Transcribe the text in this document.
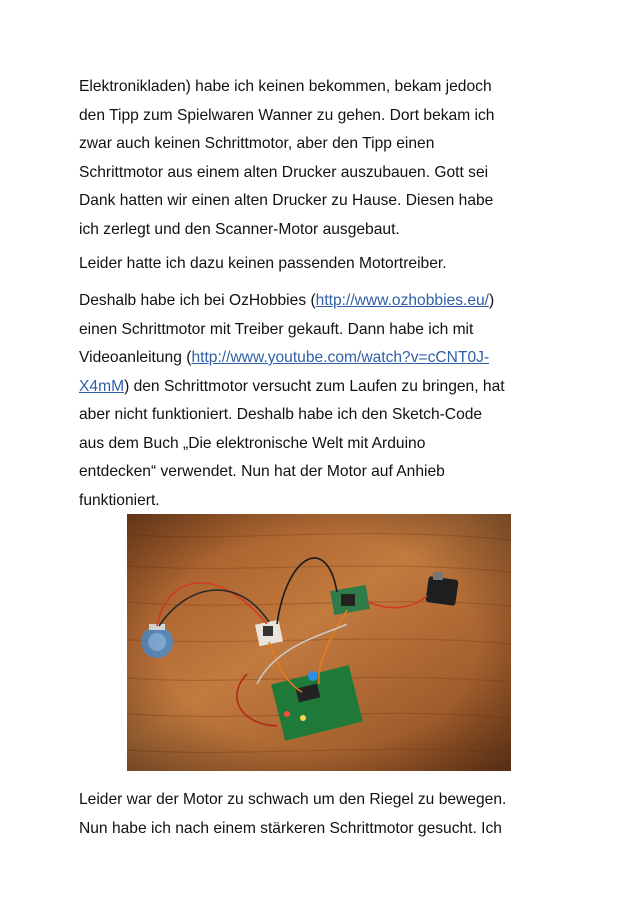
Elektronikladen) habe ich keinen bekommen, bekam jedoch
den Tipp zum Spielwaren Wanner zu gehen. Dort bekam ich
zwar auch keinen Schrittmotor, aber den Tipp einen
Schrittmotor aus einem alten Drucker auszubauen. Gott sei
Dank hatten wir einen alten Drucker zu Hause. Diesen habe
ich zerlegt und den Scanner-Motor ausgebaut.

Leider hatte ich dazu keinen passenden Motortreiber.

Deshalb habe ich bei OzHobbies (http://www.ozhobbies.eu/)
einen Schrittmotor mit Treiber gekauft. Dann habe ich mit
Videoanleitung (http://www.youtube.com/watch?v=cCNT0J-
X4mM) den Schrittmotor versucht zum Laufen zu bringen, hat
aber nicht funktioniert. Deshalb habe ich den Sketch-Code
aus dem Buch „Die elektronische Welt mit Arduino
entdecken“ verwendet. Nun hat der Motor auf Anhieb
funktioniert.

Leider war der Motor zu schwach um den Riegel zu bewegen.
Nun habe ich nach einem stärkeren Schrittmotor gesucht. Ich
